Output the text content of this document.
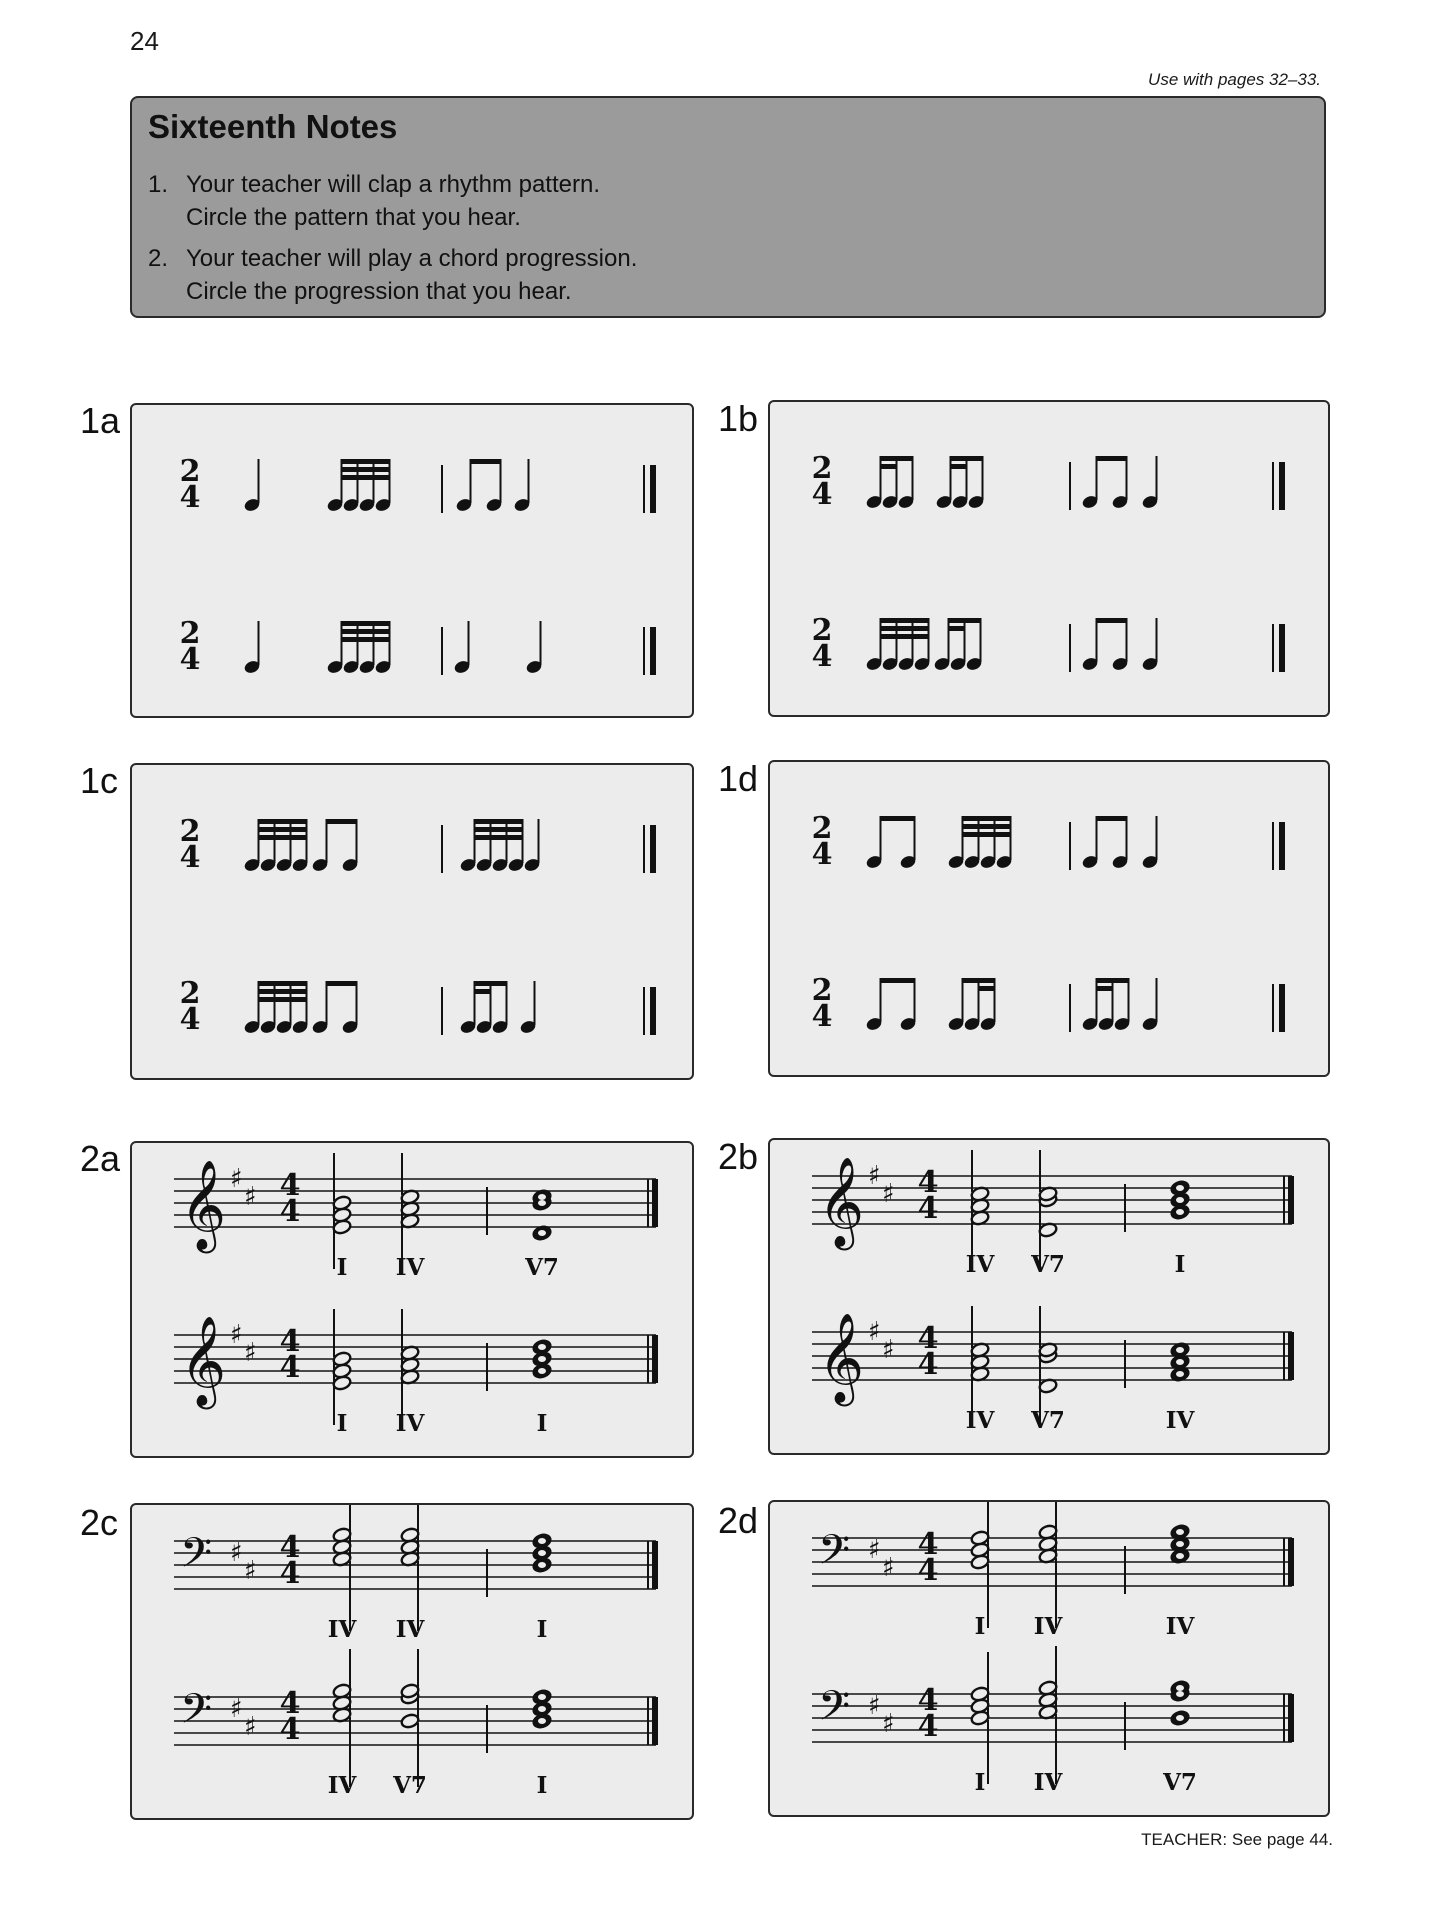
24
Use with pages 32–33.
Sixteenth Notes
1. Your teacher will clap a rhythm pattern.
Circle the pattern that you hear.
2. Your teacher will play a chord progression.
Circle the progression that you hear.
1a	1b
1c	1d
2a	2b
2c	2d
2
4
2
4
2
4
2
4
2
4
2
4
2
4
2
4
𝄞 ♯
♯ 4
4
I IV	V7
𝄞 ♯
♯ 4
4
I IV	I
𝄞 ♯
♯ 4
4
IV V7	I
𝄞 ♯
♯ 4
4
IV V7	IV
𝄢 ♯
♯
4
4
IV IV	I
𝄢 ♯
♯
4
4
IV V7	I
𝄢 ♯
♯
4
4
I IV	IV
𝄢 ♯
♯
4
4
I IV	V7
TEACHER: See page 44.
